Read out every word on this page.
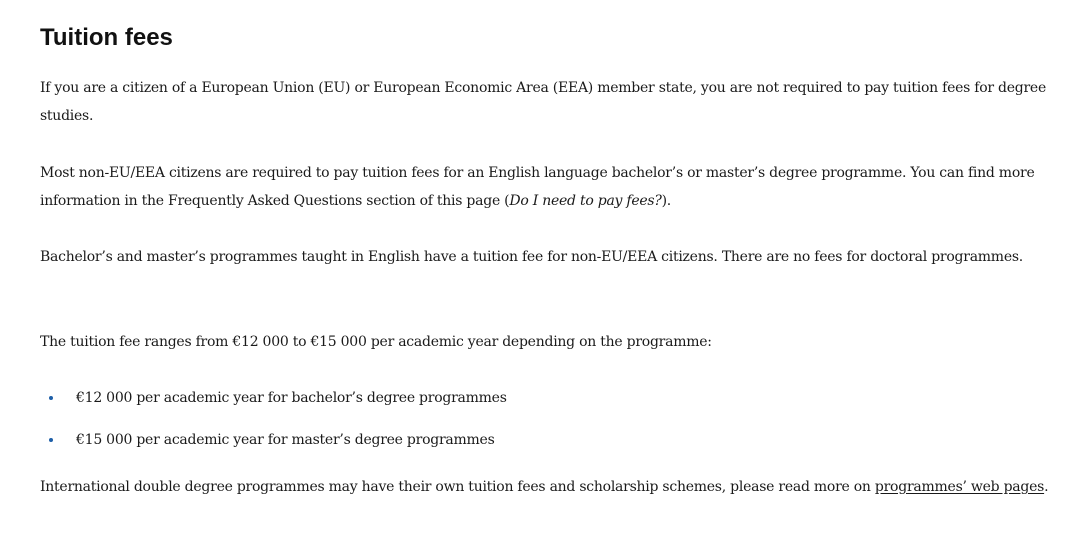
Tuition fees

If you are a citizen of a European Union (EU) or European Economic Area (EEA) member state, you are not required to pay tuition fees for degree studies.

Most non-EU/EEA citizens are required to pay tuition fees for an English language bachelor’s or master’s degree programme. You can find more information in the Frequently Asked Questions section of this page (Do I need to pay fees?).

Bachelor’s and master’s programmes taught in English have a tuition fee for non-EU/EEA citizens. There are no fees for doctoral programmes.

The tuition fee ranges from €12 000 to €15 000 per academic year depending on the programme:

€12 000 per academic year for bachelor’s degree programmes
€15 000 per academic year for master’s degree programmes

International double degree programmes may have their own tuition fees and scholarship schemes, please read more on programmes’ web pages.
